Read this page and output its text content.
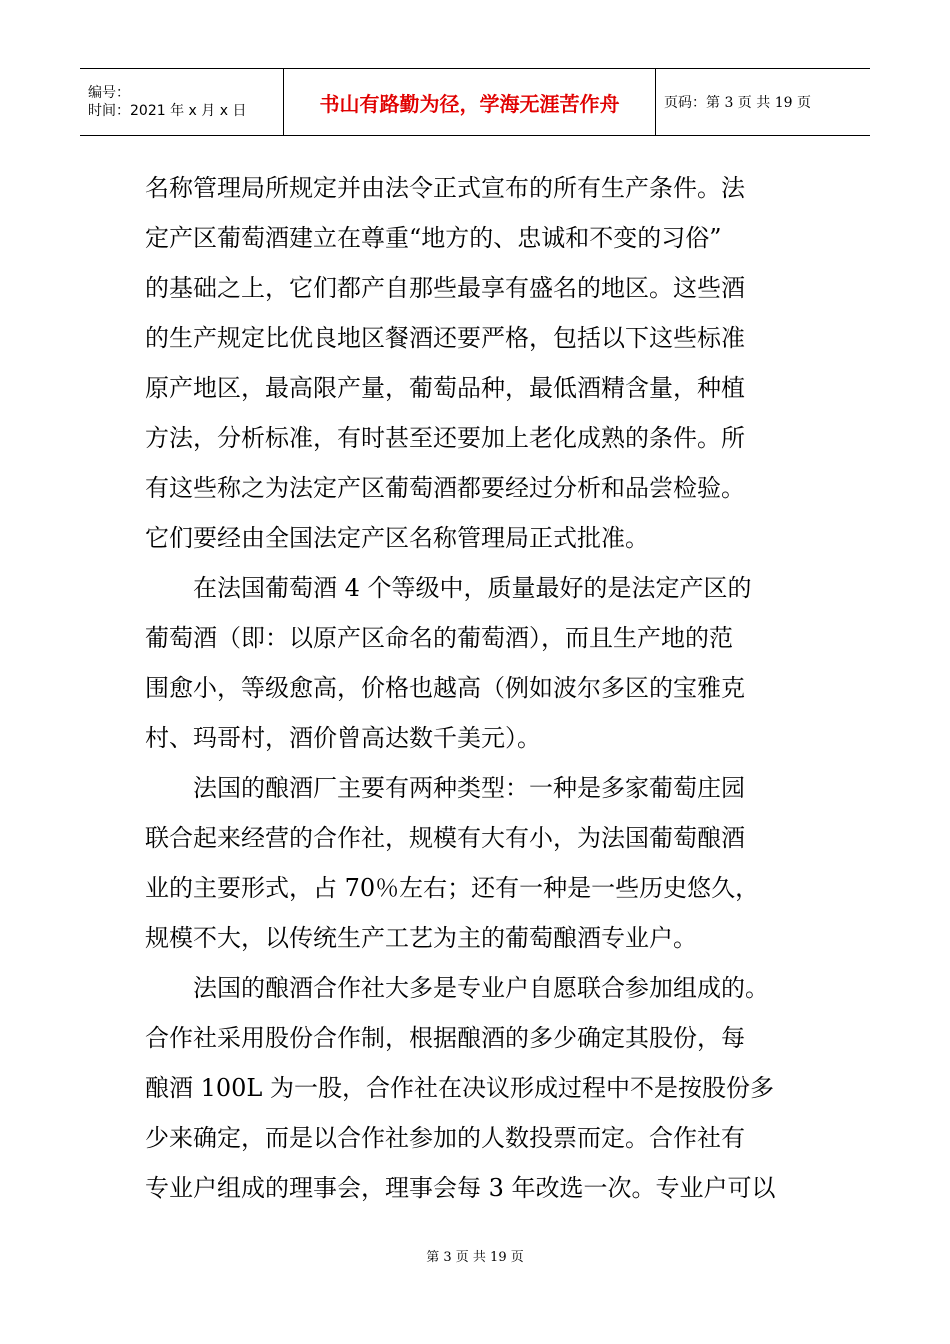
编号：
时间：2021 年 x 月 x 日	书山有路勤为径，学海无涯苦作舟	页码：第 3 页 共 19 页
名称管理局所规定并由法令正式宣布的所有生产条件。法
定产区葡萄酒建立在尊重“地方的、忠诚和不变的习俗”
的基础之上，它们都产自那些最享有盛名的地区。这些酒
的生产规定比优良地区餐酒还要严格，包括以下这些标准
原产地区，最高限产量，葡萄品种，最低酒精含量，种植
方法，分析标准，有时甚至还要加上老化成熟的条件。所
有这些称之为法定产区葡萄酒都要经过分析和品尝检验。
它们要经由全国法定产区名称管理局正式批准。
　　在法国葡萄酒 4 个等级中，质量最好的是法定产区的
葡萄酒（即：以原产区命名的葡萄酒），而且生产地的范
围愈小，等级愈高，价格也越高（例如波尔多区的宝雅克
村、玛哥村，酒价曾高达数千美元）。
　　法国的酿酒厂主要有两种类型：一种是多家葡萄庄园
联合起来经营的合作社，规模有大有小，为法国葡萄酿酒
业的主要形式，占 70％左右；还有一种是一些历史悠久，
规模不大，以传统生产工艺为主的葡萄酿酒专业户。
　　法国的酿酒合作社大多是专业户自愿联合参加组成的。
合作社采用股份合作制，根据酿酒的多少确定其股份，每
酿酒 100L 为一股，合作社在决议形成过程中不是按股份多
少来确定，而是以合作社参加的人数投票而定。合作社有
专业户组成的理事会，理事会每 3 年改选一次。专业户可以
第 3 页 共 19 页
